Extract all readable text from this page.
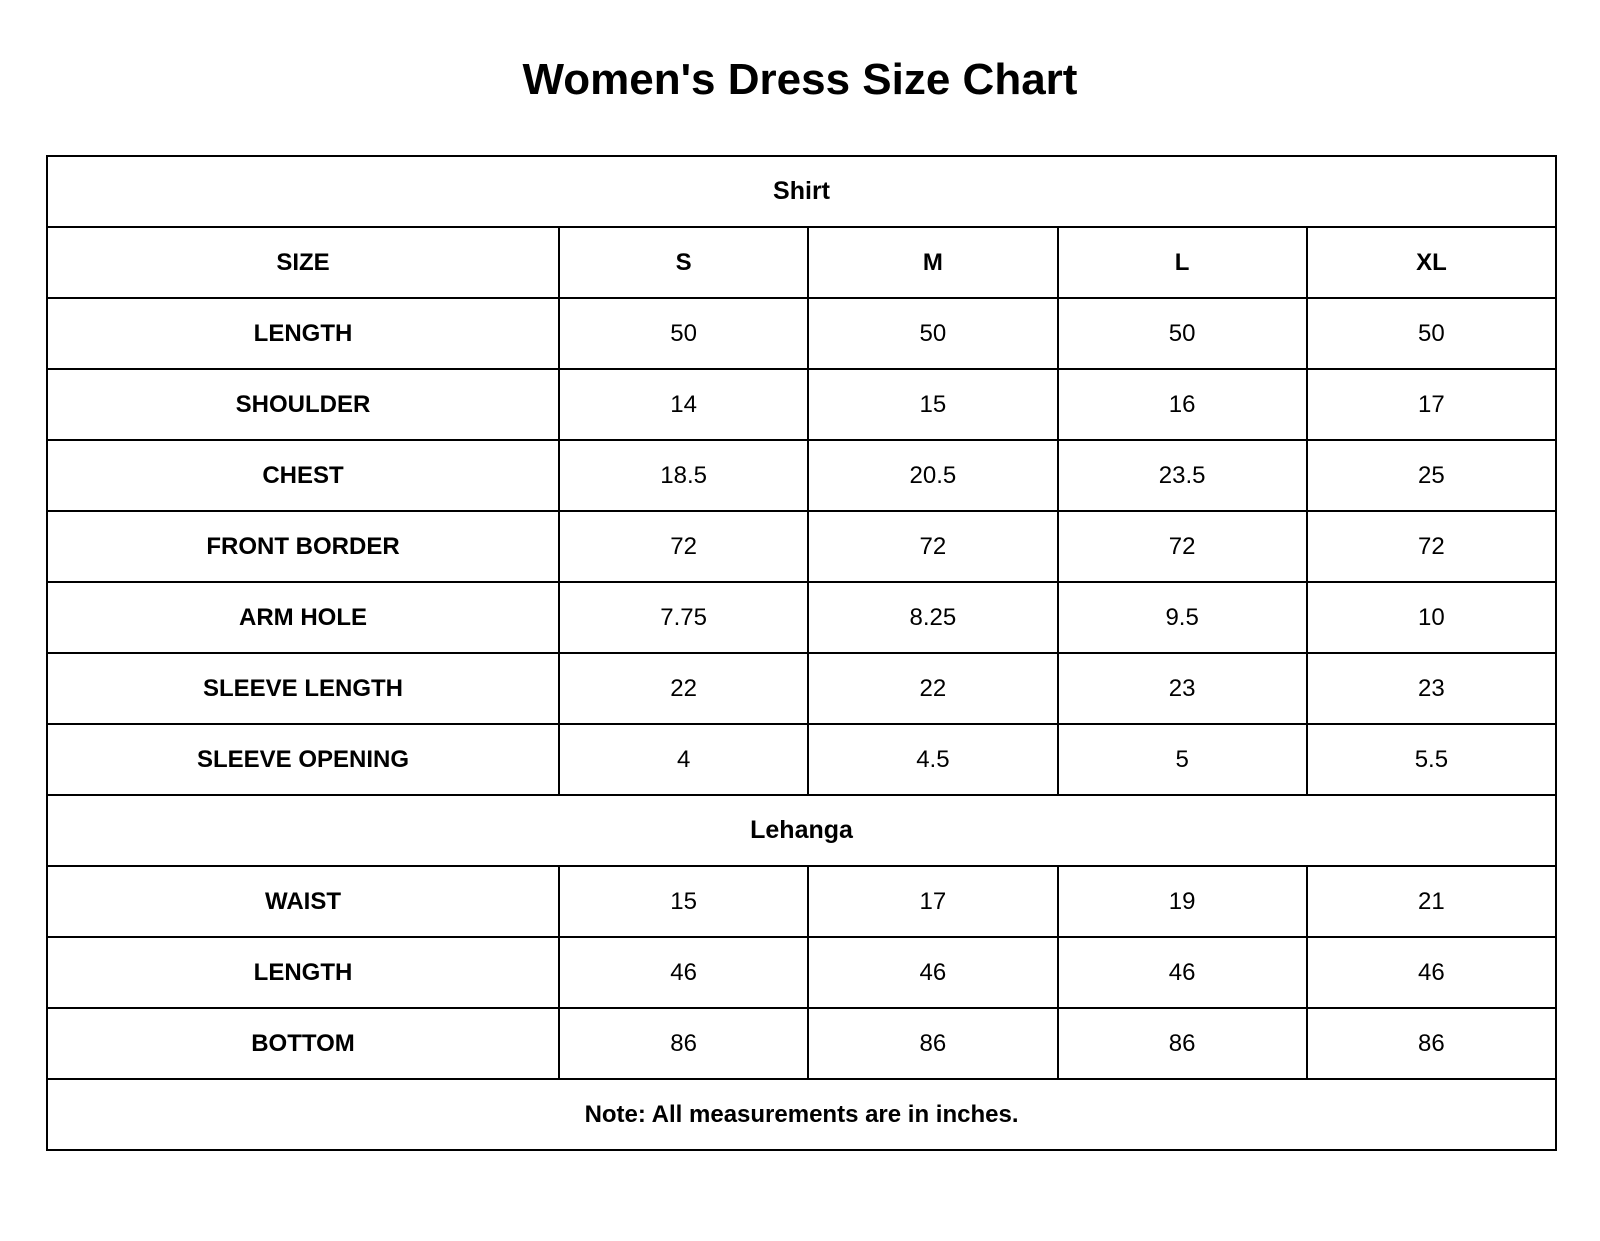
Women's Dress Size Chart
Shirt				
SIZE	S	M	L	XL
LENGTH	50	50	50	50
SHOULDER	14	15	16	17
CHEST	18.5	20.5	23.5	25
FRONT BORDER	72	72	72	72
ARM HOLE	7.75	8.25	9.5	10
SLEEVE LENGTH	22	22	23	23
SLEEVE OPENING	4	4.5	5	5.5
Lehanga				
WAIST	15	17	19	21
LENGTH	46	46	46	46
BOTTOM	86	86	86	86
Note: All measurements are in inches.				
